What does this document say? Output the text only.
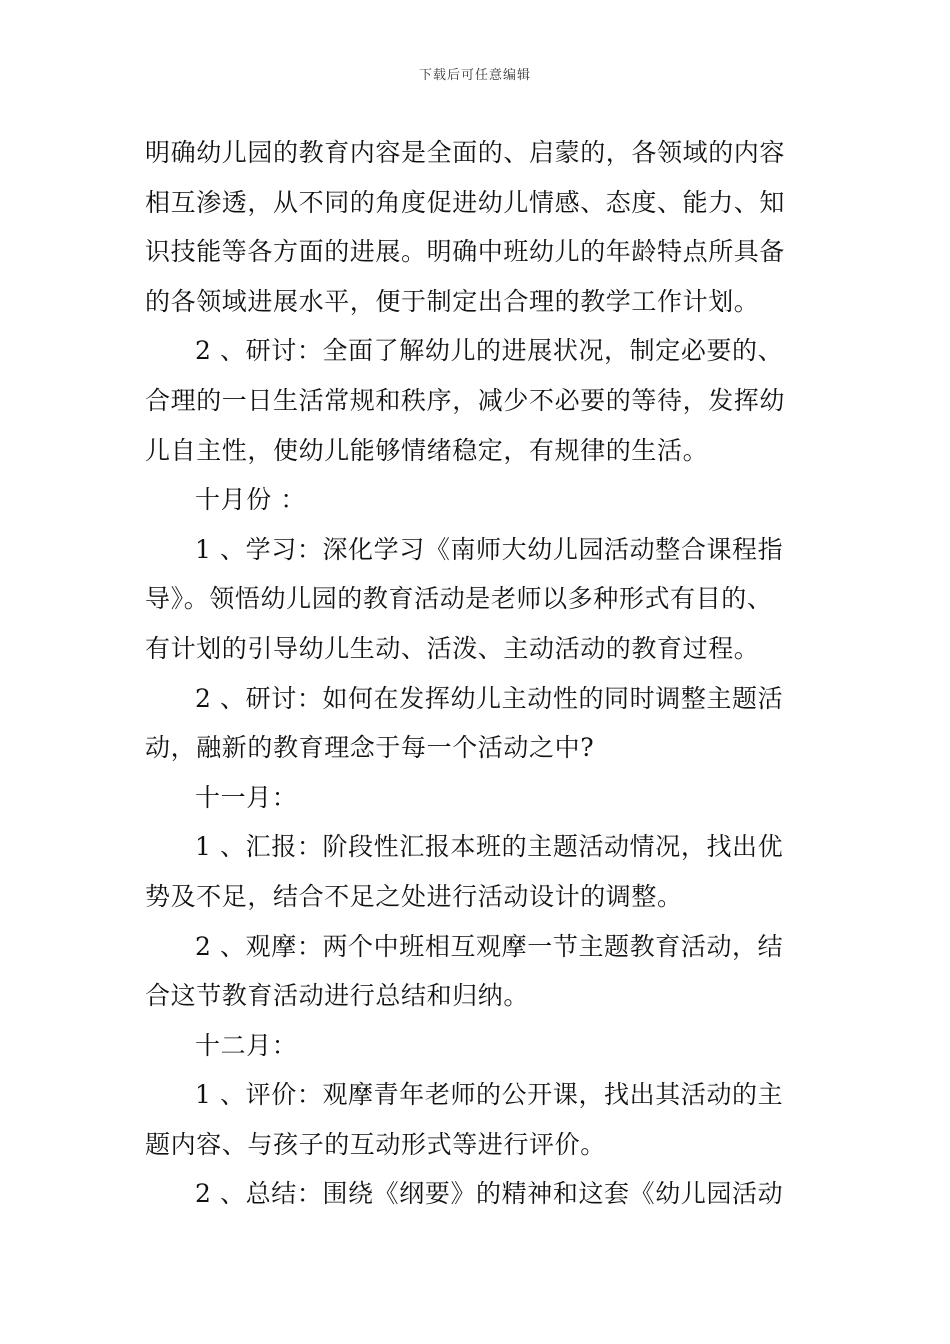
下载后可任意编辑
明确幼儿园的教育内容是全面的、启蒙的，各领域的内容
相互渗透，从不同的角度促进幼儿情感、态度、能力、知
识技能等各方面的进展。明确中班幼儿的年龄特点所具备
的各领域进展水平，便于制定出合理的教学工作计划。
2 、研讨：全面了解幼儿的进展状况，制定必要的、
合理的一日生活常规和秩序，减少不必要的等待，发挥幼
儿自主性，使幼儿能够情绪稳定，有规律的生活。
十月份 ：
1 、学习：深化学习《南师大幼儿园活动整合课程指
导》。领悟幼儿园的教育活动是老师以多种形式有目的、
有计划的引导幼儿生动、活泼、主动活动的教育过程。
2 、研讨：如何在发挥幼儿主动性的同时调整主题活
动，融新的教育理念于每一个活动之中?
十一月：
1 、汇报：阶段性汇报本班的主题活动情况，找出优
势及不足，结合不足之处进行活动设计的调整。
2 、观摩：两个中班相互观摩一节主题教育活动，结
合这节教育活动进行总结和归纳。
十二月：
1 、评价：观摩青年老师的公开课，找出其活动的主
题内容、与孩子的互动形式等进行评价。
2 、总结：围绕《纲要》的精神和这套《幼儿园活动
